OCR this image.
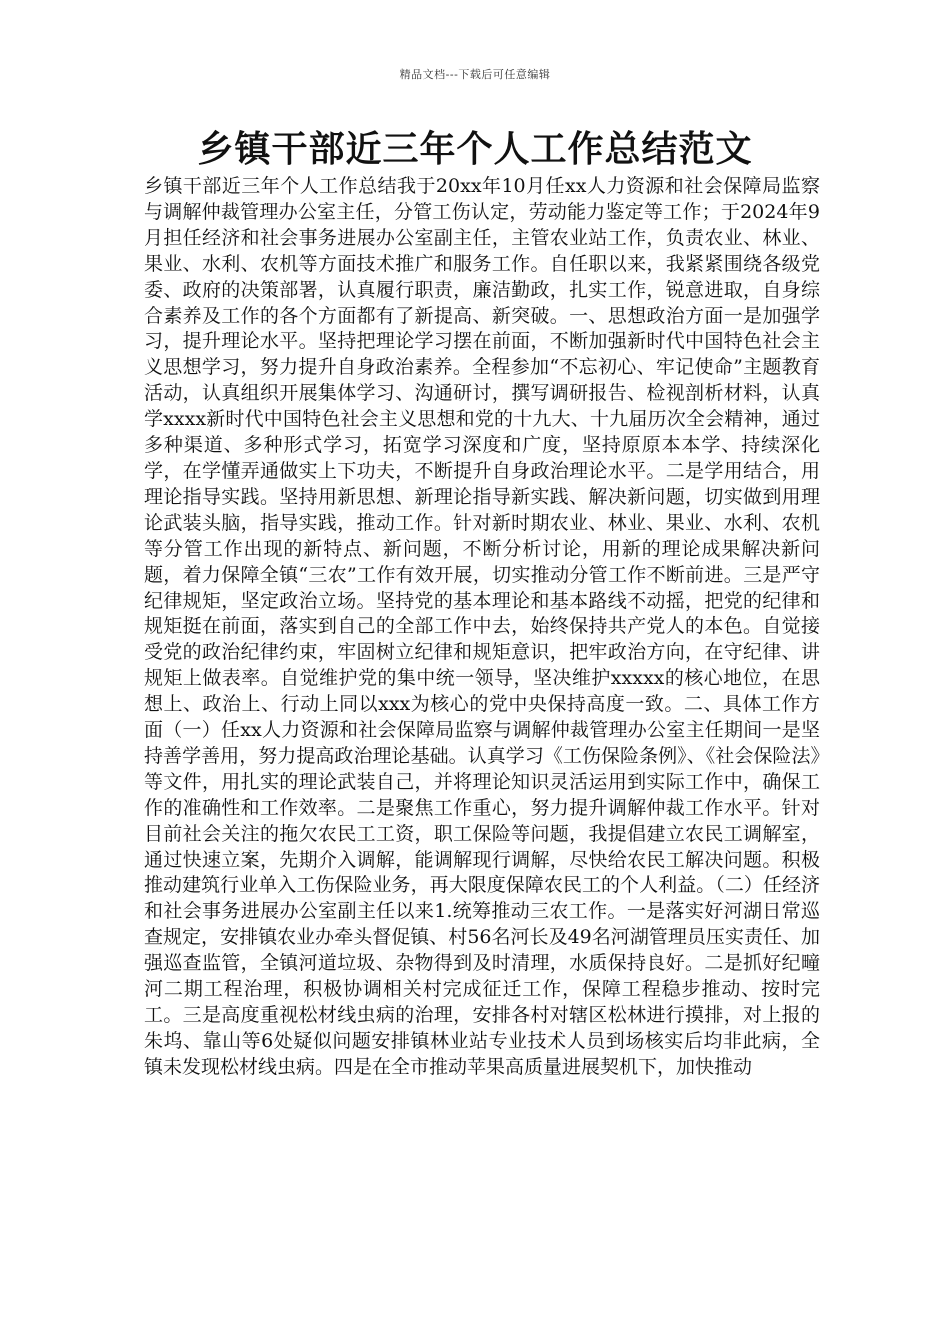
精品文档---下载后可任意编辑
乡镇干部近三年个人工作总结范文

乡镇干部近三年个人工作总结我于20xx年10月任xx人力资源和社会保障局监察与调解仲裁管理办公室主任，分管工伤认定，劳动能力鉴定等工作；于2024年9月担任经济和社会事务进展办公室副主任，主管农业站工作，负责农业、林业、果业、水利、农机等方面技术推广和服务工作。自任职以来，我紧紧围绕各级党委、政府的决策部署，认真履行职责，廉洁勤政，扎实工作，锐意进取，自身综合素养及工作的各个方面都有了新提高、新突破。一、思想政治方面一是加强学习，提升理论水平。坚持把理论学习摆在前面，不断加强新时代中国特色社会主义思想学习，努力提升自身政治素养。全程参加“不忘初心、牢记使命”主题教育活动，认真组织开展集体学习、沟通研讨，撰写调研报告、检视剖析材料，认真学xxxx新时代中国特色社会主义思想和党的十九大、十九届历次全会精神，通过多种渠道、多种形式学习，拓宽学习深度和广度，坚持原原本本学、持续深化学，在学懂弄通做实上下功夫，不断提升自身政治理论水平。二是学用结合，用理论指导实践。坚持用新思想、新理论指导新实践、解决新问题，切实做到用理论武装头脑，指导实践，推动工作。针对新时期农业、林业、果业、水利、农机等分管工作出现的新特点、新问题，不断分析讨论，用新的理论成果解决新问题，着力保障全镇“三农”工作有效开展，切实推动分管工作不断前进。三是严守纪律规矩，坚定政治立场。坚持党的基本理论和基本路线不动摇，把党的纪律和规矩挺在前面，落实到自己的全部工作中去，始终保持共产党人的本色。自觉接受党的政治纪律约束，牢固树立纪律和规矩意识，把牢政治方向，在守纪律、讲规矩上做表率。自觉维护党的集中统一领导，坚决维护xxxxx的核心地位，在思想上、政治上、行动上同以xxx为核心的党中央保持高度一致。二、具体工作方面（一）任xx人力资源和社会保障局监察与调解仲裁管理办公室主任期间一是坚持善学善用，努力提高政治理论基础。认真学习《工伤保险条例》、《社会保险法》等文件，用扎实的理论武装自己，并将理论知识灵活运用到实际工作中，确保工作的准确性和工作效率。二是聚焦工作重心，努力提升调解仲裁工作水平。针对目前社会关注的拖欠农民工工资，职工保险等问题，我提倡建立农民工调解室，通过快速立案，先期介入调解，能调解现行调解，尽快给农民工解决问题。积极推动建筑行业单入工伤保险业务，再大限度保障农民工的个人利益。（二）任经济和社会事务进展办公室副主任以来1.统筹推动三农工作。一是落实好河湖日常巡查规定，安排镇农业办牵头督促镇、村56名河长及49名河湖管理员压实责任、加强巡查监管，全镇河道垃圾、杂物得到及时清理，水质保持良好。二是抓好纪疃河二期工程治理，积极协调相关村完成征迁工作，保障工程稳步推动、按时完工。三是高度重视松材线虫病的治理，安排各村对辖区松林进行摸排，对上报的朱坞、靠山等6处疑似问题安排镇林业站专业技术人员到场核实后均非此病，全镇未发现松材线虫病。四是在全市推动苹果高质量进展契机下，加快推动
